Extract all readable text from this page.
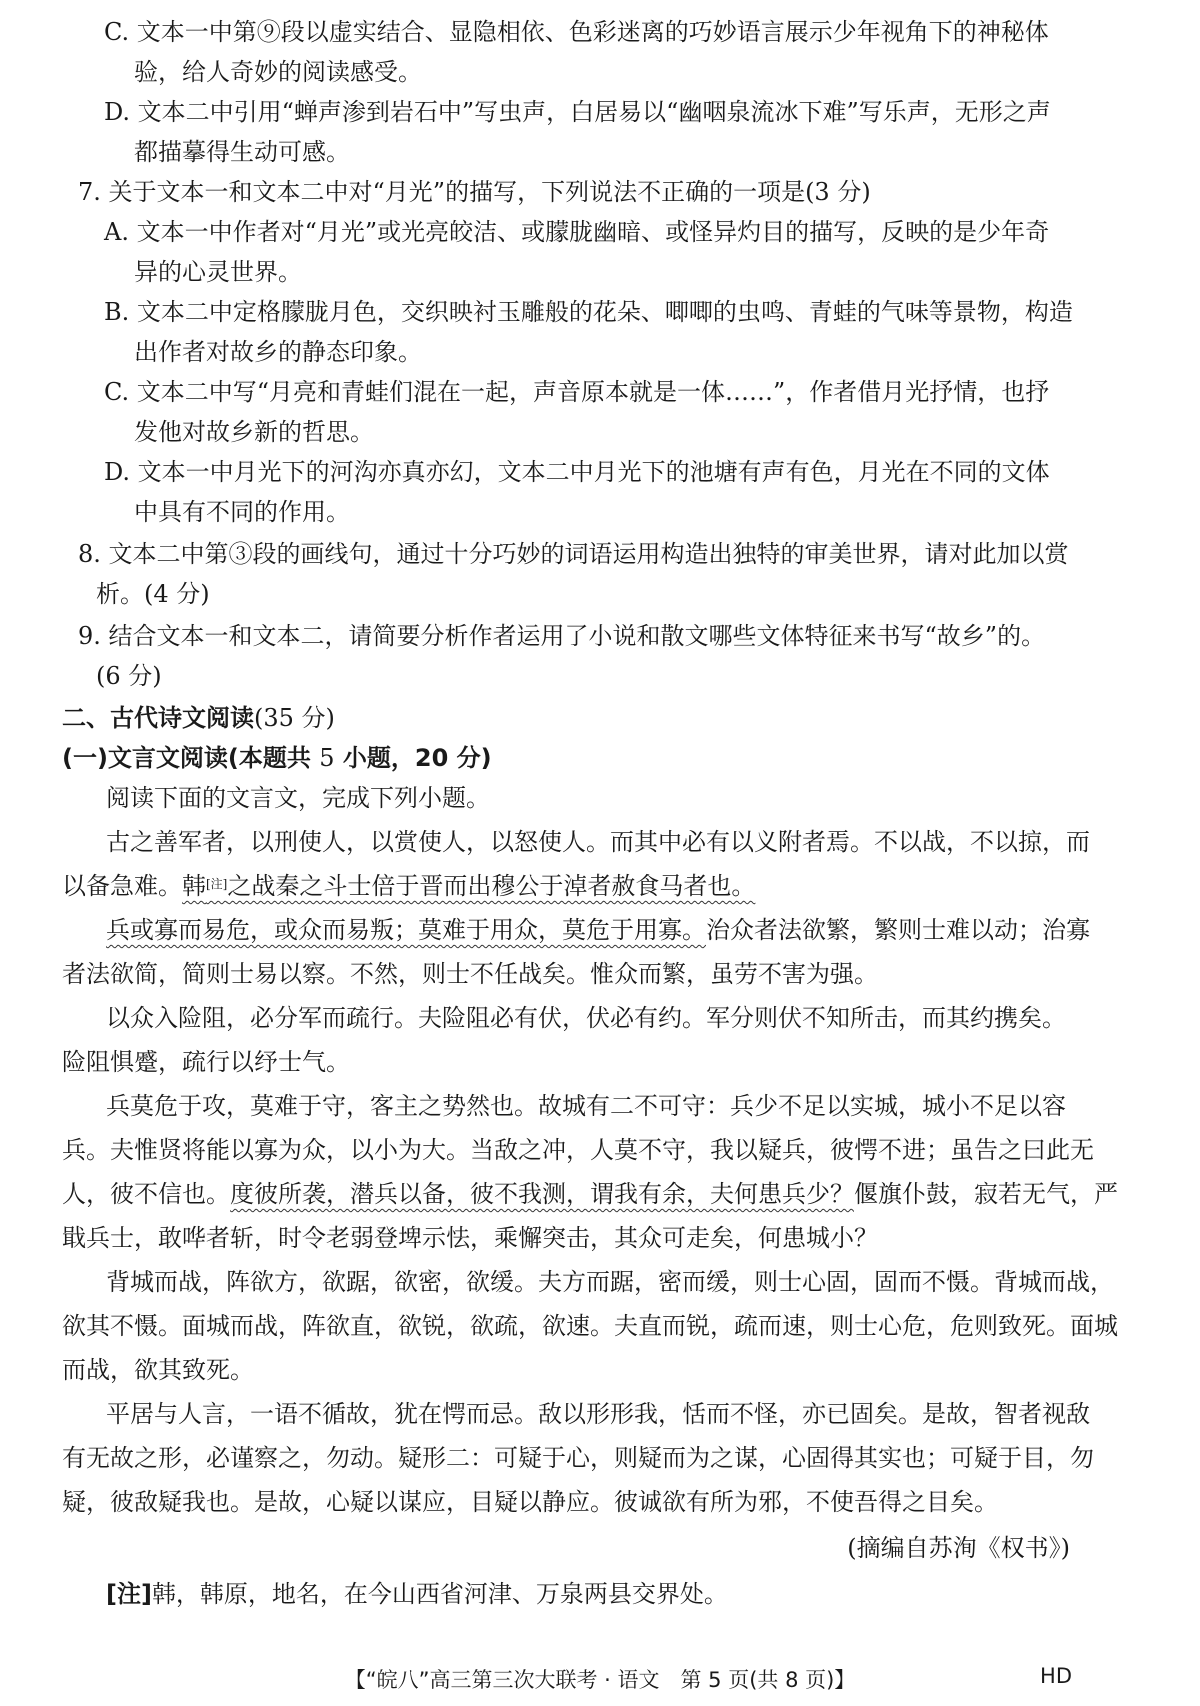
C. 文本一中第⑨段以虚实结合、显隐相依、色彩迷离的巧妙语言展示少年视角下的神秘体
验，给人奇妙的阅读感受。
D. 文本二中引用“蝉声渗到岩石中”写虫声，白居易以“幽咽泉流冰下难”写乐声，无形之声
都描摹得生动可感。
7. 关于文本一和文本二中对“月光”的描写，下列说法不正确的一项是(3 分)
A. 文本一中作者对“月光”或光亮皎洁、或朦胧幽暗、或怪异灼目的描写，反映的是少年奇
异的心灵世界。
B. 文本二中定格朦胧月色，交织映衬玉雕般的花朵、唧唧的虫鸣、青蛙的气味等景物，构造
出作者对故乡的静态印象。
C. 文本二中写“月亮和青蛙们混在一起，声音原本就是一体……”，作者借月光抒情，也抒
发他对故乡新的哲思。
D. 文本一中月光下的河沟亦真亦幻，文本二中月光下的池塘有声有色，月光在不同的文体
中具有不同的作用。
8. 文本二中第③段的画线句，通过十分巧妙的词语运用构造出独特的审美世界，请对此加以赏
析。(4 分)
9. 结合文本一和文本二，请简要分析作者运用了小说和散文哪些文体特征来书写“故乡”的。
(6 分)
二、古代诗文阅读(35 分)
(一)文言文阅读(本题共 5 小题，20 分)
阅读下面的文言文，完成下列小题。
古之善军者，以刑使人，以赏使人，以怒使人。而其中必有以义附者焉。不以战，不以掠，而
以备急难。韩[注]之战秦之斗士倍于晋而出穆公于淖者赦食马者也。
兵或寡而易危，或众而易叛；莫难于用众，莫危于用寡。治众者法欲繁，繁则士难以动；治寡
者法欲简，简则士易以察。不然，则士不任战矣。惟众而繁，虽劳不害为强。
以众入险阻，必分军而疏行。夫险阻必有伏，伏必有约。军分则伏不知所击，而其约携矣。
险阻惧蹙，疏行以纾士气。
兵莫危于攻，莫难于守，客主之势然也。故城有二不可守：兵少不足以实城，城小不足以容
兵。夫惟贤将能以寡为众，以小为大。当敌之冲，人莫不守，我以疑兵，彼愕不进；虽告之曰此无
人，彼不信也。度彼所袭，潜兵以备，彼不我测，谓我有余，夫何患兵少？偃旗仆鼓，寂若无气，严
戢兵士，敢哗者斩，时令老弱登埤示怯，乘懈突击，其众可走矣，何患城小？
背城而战，阵欲方，欲踞，欲密，欲缓。夫方而踞，密而缓，则士心固，固而不慑。背城而战，
欲其不慑。面城而战，阵欲直，欲锐，欲疏，欲速。夫直而锐，疏而速，则士心危，危则致死。面城
而战，欲其致死。
平居与人言，一语不循故，犹在愕而忌。敌以形形我，恬而不怪，亦已固矣。是故，智者视敌
有无故之形，必谨察之，勿动。疑形二：可疑于心，则疑而为之谋，心固得其实也；可疑于目，勿
疑，彼敌疑我也。是故，心疑以谋应，目疑以静应。彼诚欲有所为邪，不使吾得之目矣。
(摘编自苏洵《权书》)
[注]韩，韩原，地名，在今山西省河津、万泉两县交界处。
【“皖八”高三第三次大联考 · 语文　第 5 页(共 8 页)】	HD
